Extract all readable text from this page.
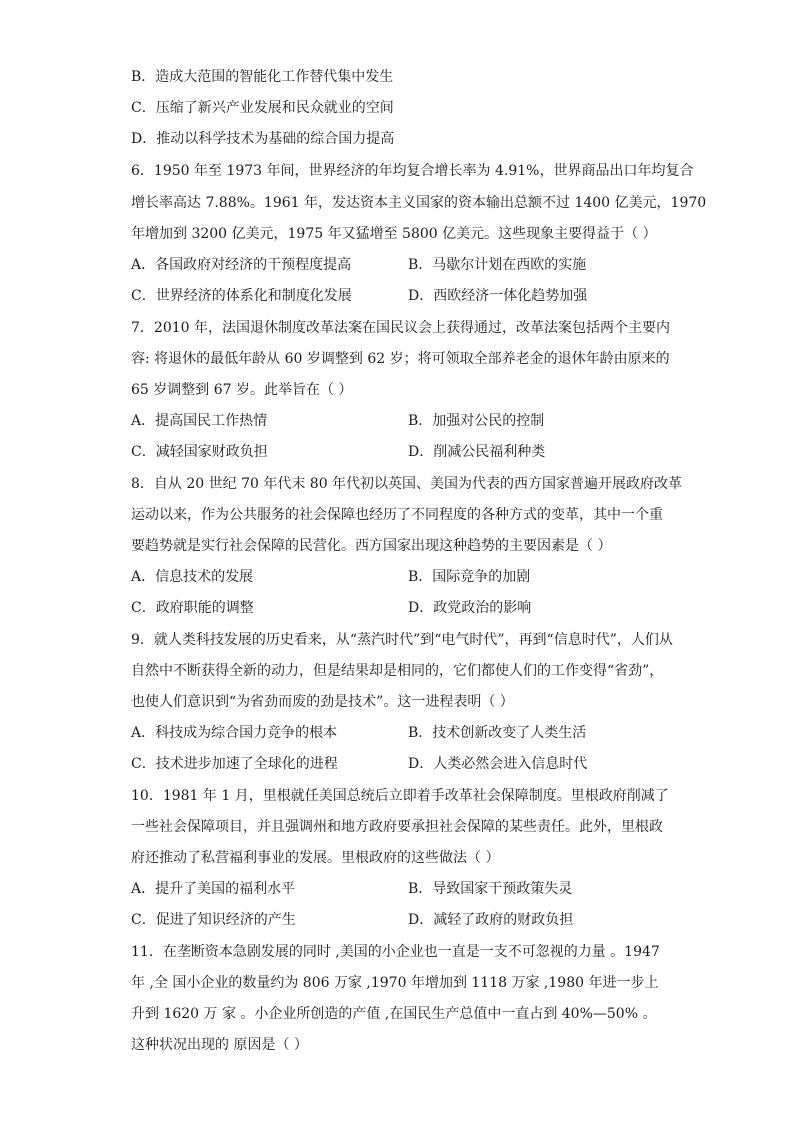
B．造成大范围的智能化工作替代集中发生
C．压缩了新兴产业发展和民众就业的空间
D．推动以科学技术为基础的综合国力提高
6．1950 年至 1973 年间，世界经济的年均复合增长率为 4.91%，世界商品出口年均复合
增长率高达 7.88%。1961 年，发达资本主义国家的资本输出总额不过 1400 亿美元，1970
年增加到 3200 亿美元，1975 年又猛增至 5800 亿美元。这些现象主要得益于（ ）
A．各国政府对经济的干预程度提高	B．马歇尔计划在西欧的实施
C．世界经济的体系化和制度化发展	D．西欧经济一体化趋势加强
7．2010 年，法国退休制度改革法案在国民议会上获得通过，改革法案包括两个主要内
容: 将退休的最低年龄从 60 岁调整到 62 岁；将可领取全部养老金的退休年龄由原来的
65 岁调整到 67 岁。此举旨在（ ）
A．提高国民工作热情	B．加强对公民的控制
C．减轻国家财政负担	D．削减公民福利种类
8．自从 20 世纪 70 年代末 80 年代初以英国、美国为代表的西方国家普遍开展政府改革
运动以来，作为公共服务的社会保障也经历了不同程度的各种方式的变革，其中一个重
要趋势就是实行社会保障的民营化。西方国家出现这种趋势的主要因素是（ ）
A．信息技术的发展	B．国际竞争的加剧
C．政府职能的调整	D．政党政治的影响
9．就人类科技发展的历史看来，从“蒸汽时代”到“电气时代”，再到“信息时代”，人们从
自然中不断获得全新的动力，但是结果却是相同的，它们都使人们的工作变得“省劲”，
也使人们意识到“为省劲而废的劲是技术”。这一进程表明（ ）
A．科技成为综合国力竞争的根本	B．技术创新改变了人类生活
C．技术进步加速了全球化的进程	D．人类必然会进入信息时代
10．1981 年 1 月，里根就任美国总统后立即着手改革社会保障制度。里根政府削减了
一些社会保障项目，并且强调州和地方政府要承担社会保障的某些责任。此外，里根政
府还推动了私营福利事业的发展。里根政府的这些做法（ ）
A．提升了美国的福利水平	B．导致国家干预政策失灵
C．促进了知识经济的产生	D．减轻了政府的财政负担
11．在垄断资本急剧发展的同时 ,美国的小企业也一直是一支不可忽视的力量 。1947
年 ,全 国小企业的数量约为 806 万家 ,1970 年增加到 1118 万家 ,1980 年进一步上
升到 1620 万 家 。小企业所创造的产值 ,在国民生产总值中一直占到 40%—50% 。
这种状况出现的 原因是（ ）
